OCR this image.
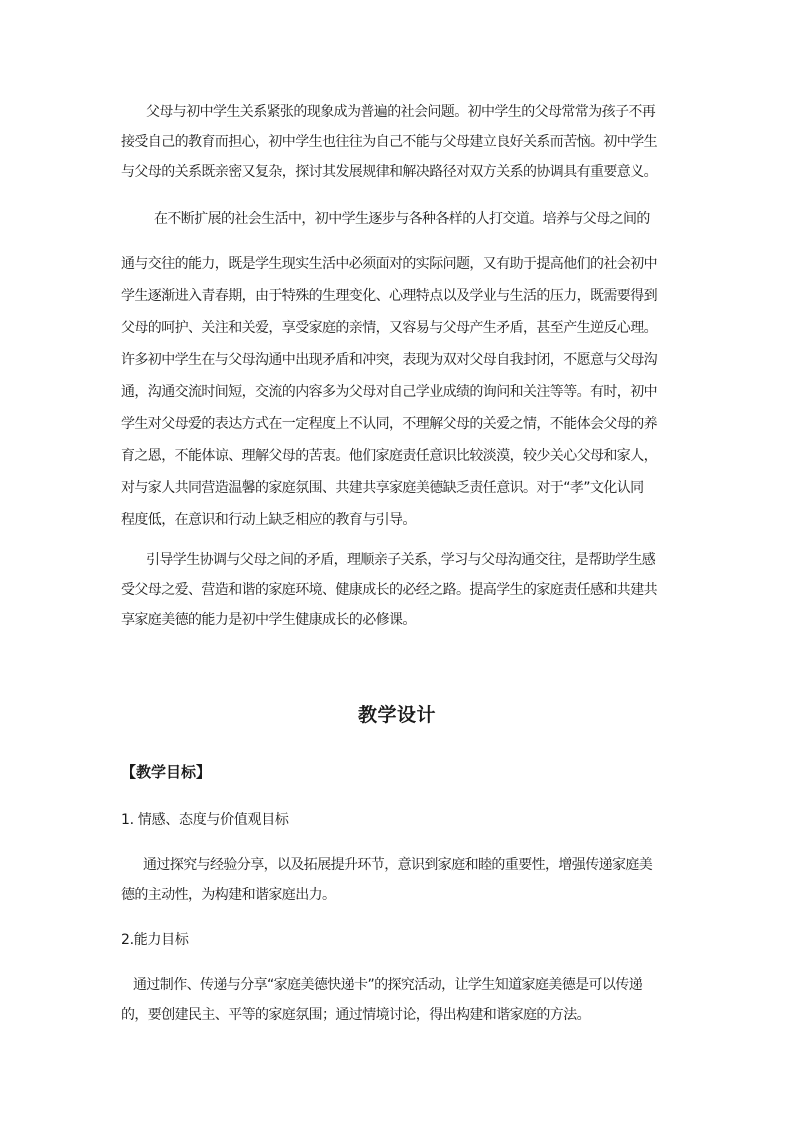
父母与初中学生关系紧张的现象成为普遍的社会问题。初中学生的父母常常为孩子不再
接受自己的教育而担心，初中学生也往往为自己不能与父母建立良好关系而苦恼。初中学生
与父母的关系既亲密又复杂，探讨其发展规律和解决路径对双方关系的协调具有重要意义。
在不断扩展的社会生活中，初中学生逐步与各种各样的人打交道。培养与父母之间的
通与交往的能力，既是学生现实生活中必须面对的实际问题，又有助于提高他们的社会初中
学生逐渐进入青春期，由于特殊的生理变化、心理特点以及学业与生活的压力，既需要得到
父母的呵护、关注和关爱，享受家庭的亲情，又容易与父母产生矛盾，甚至产生逆反心理。
许多初中学生在与父母沟通中出现矛盾和冲突，表现为双对父母自我封闭，不愿意与父母沟
通，沟通交流时间短，交流的内容多为父母对自己学业成绩的询问和关注等等。有时，初中
学生对父母爱的表达方式在一定程度上不认同，不理解父母的关爱之情，不能体会父母的养
育之恩，不能体谅、理解父母的苦衷。他们家庭责任意识比较淡漠，较少关心父母和家人，
对与家人共同营造温馨的家庭氛围、共建共享家庭美德缺乏责任意识。对于“孝”文化认同
程度低，在意识和行动上缺乏相应的教育与引导。
引导学生协调与父母之间的矛盾，理顺亲子关系，学习与父母沟通交往，是帮助学生感
受父母之爱、营造和谐的家庭环境、健康成长的必经之路。提高学生的家庭责任感和共建共
享家庭美德的能力是初中学生健康成长的必修课。
教学设计
【教学目标】
1. 情感、态度与价值观目标
通过探究与经验分享，以及拓展提升环节，意识到家庭和睦的重要性，增强传递家庭美
德的主动性，为构建和谐家庭出力。
2.能力目标
通过制作、传递与分享“家庭美德快递卡”的探究活动，让学生知道家庭美德是可以传递
的，要创建民主、平等的家庭氛围；通过情境讨论，得出构建和谐家庭的方法。
